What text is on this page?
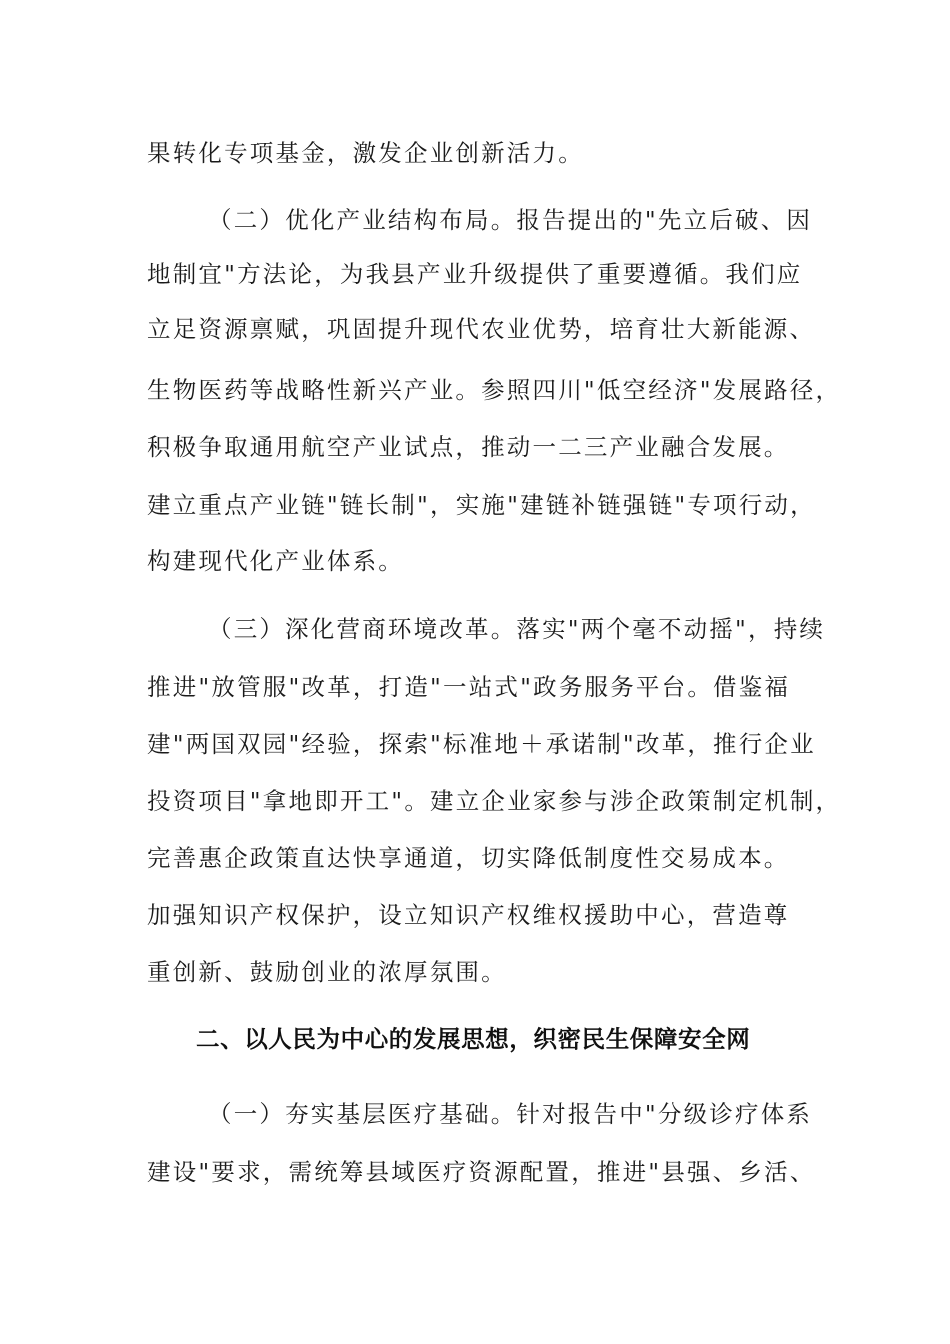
果转化专项基金，激发企业创新活力。
（二）优化产业结构布局。报告提出的"先立后破、因
地制宜"方法论，为我县产业升级提供了重要遵循。我们应
立足资源禀赋，巩固提升现代农业优势，培育壮大新能源、
生物医药等战略性新兴产业。参照四川"低空经济"发展路径，
积极争取通用航空产业试点，推动一二三产业融合发展。
建立重点产业链"链长制"，实施"建链补链强链"专项行动，
构建现代化产业体系。
（三）深化营商环境改革。落实"两个毫不动摇"，持续
推进"放管服"改革，打造"一站式"政务服务平台。借鉴福
建"两国双园"经验，探索"标准地＋承诺制"改革，推行企业
投资项目"拿地即开工"。建立企业家参与涉企政策制定机制，
完善惠企政策直达快享通道，切实降低制度性交易成本。
加强知识产权保护，设立知识产权维权援助中心，营造尊
重创新、鼓励创业的浓厚氛围。
二、以人民为中心的发展思想，织密民生保障安全网
（一）夯实基层医疗基础。针对报告中"分级诊疗体系
建设"要求，需统筹县域医疗资源配置，推进"县强、乡活、
